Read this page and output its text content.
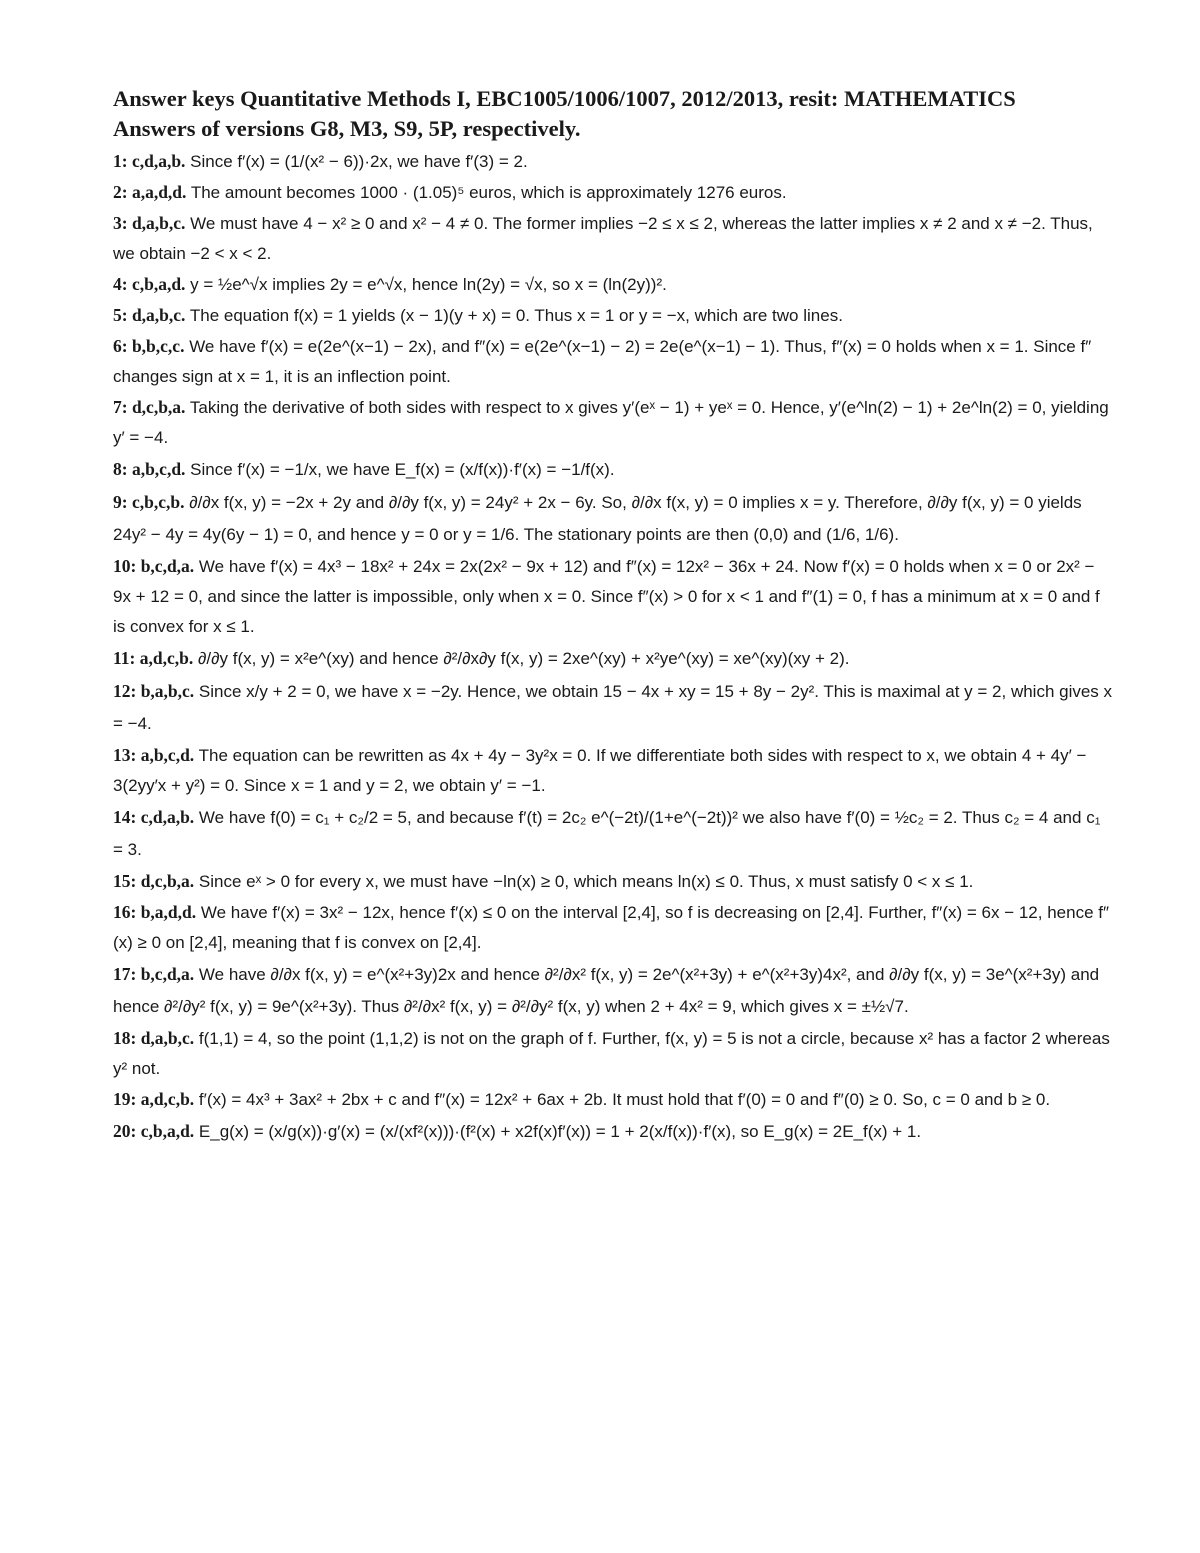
Answer keys Quantitative Methods I, EBC1005/1006/1007, 2012/2013, resit: MATHEMATICS

Answers of versions G8, M3, S9, 5P, respectively.

1: c,d,a,b. Since f′(x) = (1/(x² − 6))·2x, we have f′(3) = 2.

2: a,a,d,d. The amount becomes 1000 · (1.05)⁵ euros, which is approximately 1276 euros.

3: d,a,b,c. We must have 4 − x² ≥ 0 and x² − 4 ≠ 0. The former implies −2 ≤ x ≤ 2, whereas the latter implies x ≠ 2 and x ≠ −2. Thus, we obtain −2 < x < 2.

4: c,b,a,d. y = ½e^√x implies 2y = e^√x, hence ln(2y) = √x, so x = (ln(2y))².

5: d,a,b,c. The equation f(x) = 1 yields (x − 1)(y + x) = 0. Thus x = 1 or y = −x, which are two lines.

6: b,b,c,c. We have f′(x) = e(2e^(x−1) − 2x), and f″(x) = e(2e^(x−1) − 2) = 2e(e^(x−1) − 1). Thus, f″(x) = 0 holds when x = 1. Since f″ changes sign at x = 1, it is an inflection point.

7: d,c,b,a. Taking the derivative of both sides with respect to x gives y′(eˣ − 1) + yeˣ = 0. Hence, y′(e^ln(2) − 1) + 2e^ln(2) = 0, yielding y′ = −4.

8: a,b,c,d. Since f′(x) = −1/x, we have E_f(x) = (x/f(x))·f′(x) = −1/f(x).

9: c,b,c,b. ∂/∂x f(x, y) = −2x + 2y and ∂/∂y f(x, y) = 24y² + 2x − 6y. So, ∂/∂x f(x, y) = 0 implies x = y. Therefore, ∂/∂y f(x, y) = 0 yields 24y² − 4y = 4y(6y − 1) = 0, and hence y = 0 or y = 1/6. The stationary points are then (0,0) and (1/6, 1/6).

10: b,c,d,a. We have f′(x) = 4x³ − 18x² + 24x = 2x(2x² − 9x + 12) and f″(x) = 12x² − 36x + 24. Now f′(x) = 0 holds when x = 0 or 2x² − 9x + 12 = 0, and since the latter is impossible, only when x = 0. Since f″(x) > 0 for x < 1 and f″(1) = 0, f has a minimum at x = 0 and f is convex for x ≤ 1.

11: a,d,c,b. ∂/∂y f(x, y) = x²e^(xy) and hence ∂²/∂x∂y f(x, y) = 2xe^(xy) + x²ye^(xy) = xe^(xy)(xy + 2).

12: b,a,b,c. Since x/y + 2 = 0, we have x = −2y. Hence, we obtain 15 − 4x + xy = 15 + 8y − 2y². This is maximal at y = 2, which gives x = −4.

13: a,b,c,d. The equation can be rewritten as 4x + 4y − 3y²x = 0. If we differentiate both sides with respect to x, we obtain 4 + 4y′ − 3(2yy′x + y²) = 0. Since x = 1 and y = 2, we obtain y′ = −1.

14: c,d,a,b. We have f(0) = c₁ + c₂/2 = 5, and because f′(t) = 2c₂ e^(−2t)/(1+e^(−2t))² we also have f′(0) = ½c₂ = 2. Thus c₂ = 4 and c₁ = 3.

15: d,c,b,a. Since eˣ > 0 for every x, we must have −ln(x) ≥ 0, which means ln(x) ≤ 0. Thus, x must satisfy 0 < x ≤ 1.

16: b,a,d,d. We have f′(x) = 3x² − 12x, hence f′(x) ≤ 0 on the interval [2,4], so f is decreasing on [2,4]. Further, f″(x) = 6x − 12, hence f″(x) ≥ 0 on [2,4], meaning that f is convex on [2,4].

17: b,c,d,a. We have ∂/∂x f(x, y) = e^(x²+3y)2x and hence ∂²/∂x² f(x, y) = 2e^(x²+3y) + e^(x²+3y)4x², and ∂/∂y f(x, y) = 3e^(x²+3y) and hence ∂²/∂y² f(x, y) = 9e^(x²+3y). Thus ∂²/∂x² f(x, y) = ∂²/∂y² f(x, y) when 2 + 4x² = 9, which gives x = ±½√7.

18: d,a,b,c. f(1,1) = 4, so the point (1,1,2) is not on the graph of f. Further, f(x, y) = 5 is not a circle, because x² has a factor 2 whereas y² not.

19: a,d,c,b. f′(x) = 4x³ + 3ax² + 2bx + c and f″(x) = 12x² + 6ax + 2b. It must hold that f′(0) = 0 and f″(0) ≥ 0. So, c = 0 and b ≥ 0.

20: c,b,a,d. E_g(x) = (x/g(x))·g′(x) = (x/(xf²(x)))·(f²(x) + x2f(x)f′(x)) = 1 + 2(x/f(x))·f′(x), so E_g(x) = 2E_f(x) + 1.
